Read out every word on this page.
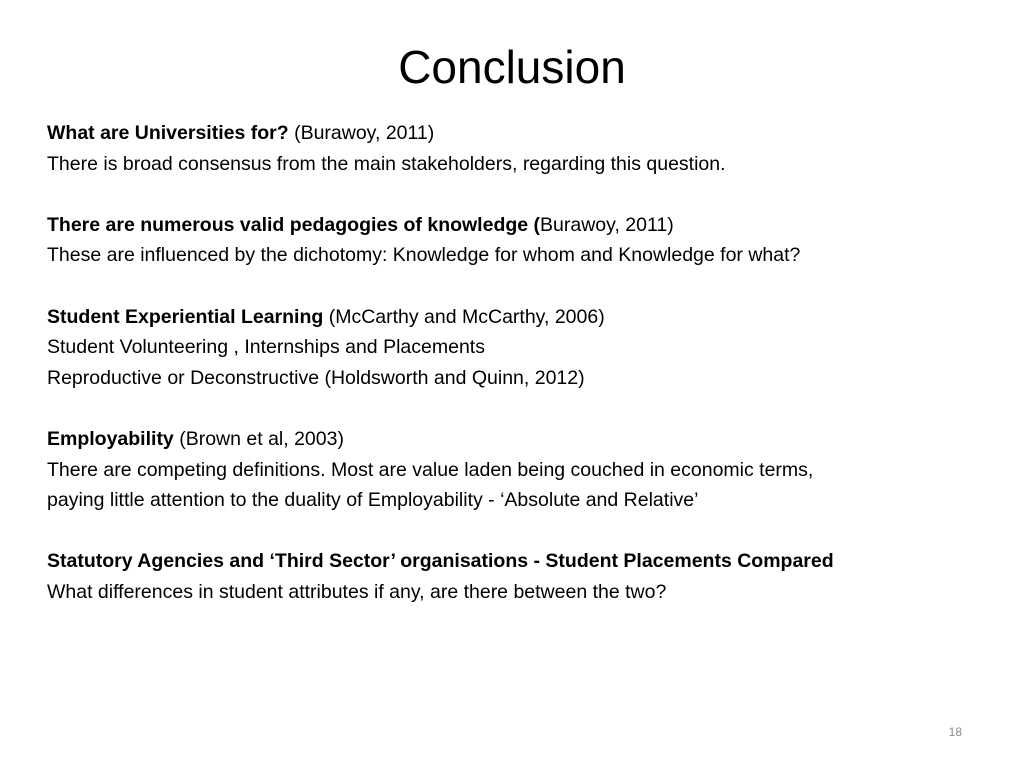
Conclusion
What are Universities for? (Burawoy, 2011)
There is broad consensus from the main stakeholders, regarding this question.
There are numerous valid pedagogies of knowledge (Burawoy, 2011)
These are influenced by the dichotomy: Knowledge for whom and Knowledge for what?
Student Experiential Learning (McCarthy and McCarthy, 2006)
Student Volunteering , Internships and Placements
Reproductive or Deconstructive (Holdsworth and Quinn, 2012)
Employability (Brown et al, 2003)
There are competing definitions. Most are value laden being couched in economic terms,
paying little attention to the duality of Employability - ‘Absolute and Relative’
Statutory Agencies and ‘Third Sector’ organisations - Student Placements Compared
What differences in student attributes if any, are there between the two?
18
